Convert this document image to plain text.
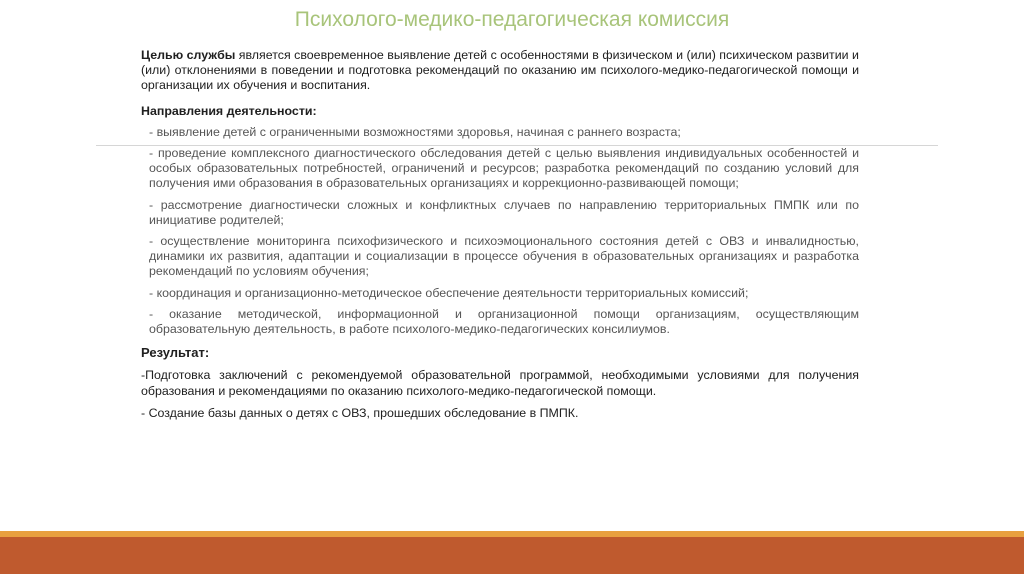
Психолого-медико-педагогическая комиссия

Целью службы является своевременное выявление детей с особенностями в физическом и (или) психическом развитии и (или) отклонениями в поведении и подготовка рекомендаций по оказанию им психолого-медико-педагогической помощи и организации их обучения и воспитания.

Направления деятельности:

- выявление детей с ограниченными возможностями здоровья, начиная с раннего возраста;

- проведение комплексного диагностического обследования детей с целью выявления индивидуальных особенностей и особых образовательных потребностей, ограничений и ресурсов; разработка рекомендаций по созданию условий для получения ими образования в образовательных организациях и коррекционно-развивающей помощи;

- рассмотрение диагностически сложных и конфликтных случаев по направлению территориальных ПМПК или по инициативе родителей;

- осуществление мониторинга психофизического и психоэмоционального состояния детей с ОВЗ и инвалидностью, динамики их развития, адаптации и социализации в процессе обучения в образовательных организациях и разработка рекомендаций по условиям обучения;

- координация и организационно-методическое обеспечение деятельности территориальных комиссий;

- оказание методической, информационной и организационной помощи организациям, осуществляющим образовательную деятельность, в работе психолого-медико-педагогических консилиумов.

Результат:

-Подготовка заключений с рекомендуемой образовательной программой, необходимыми условиями для получения образования и рекомендациями по оказанию психолого-медико-педагогической помощи.

- Создание базы данных о детях с ОВЗ, прошедших обследование в ПМПК.
